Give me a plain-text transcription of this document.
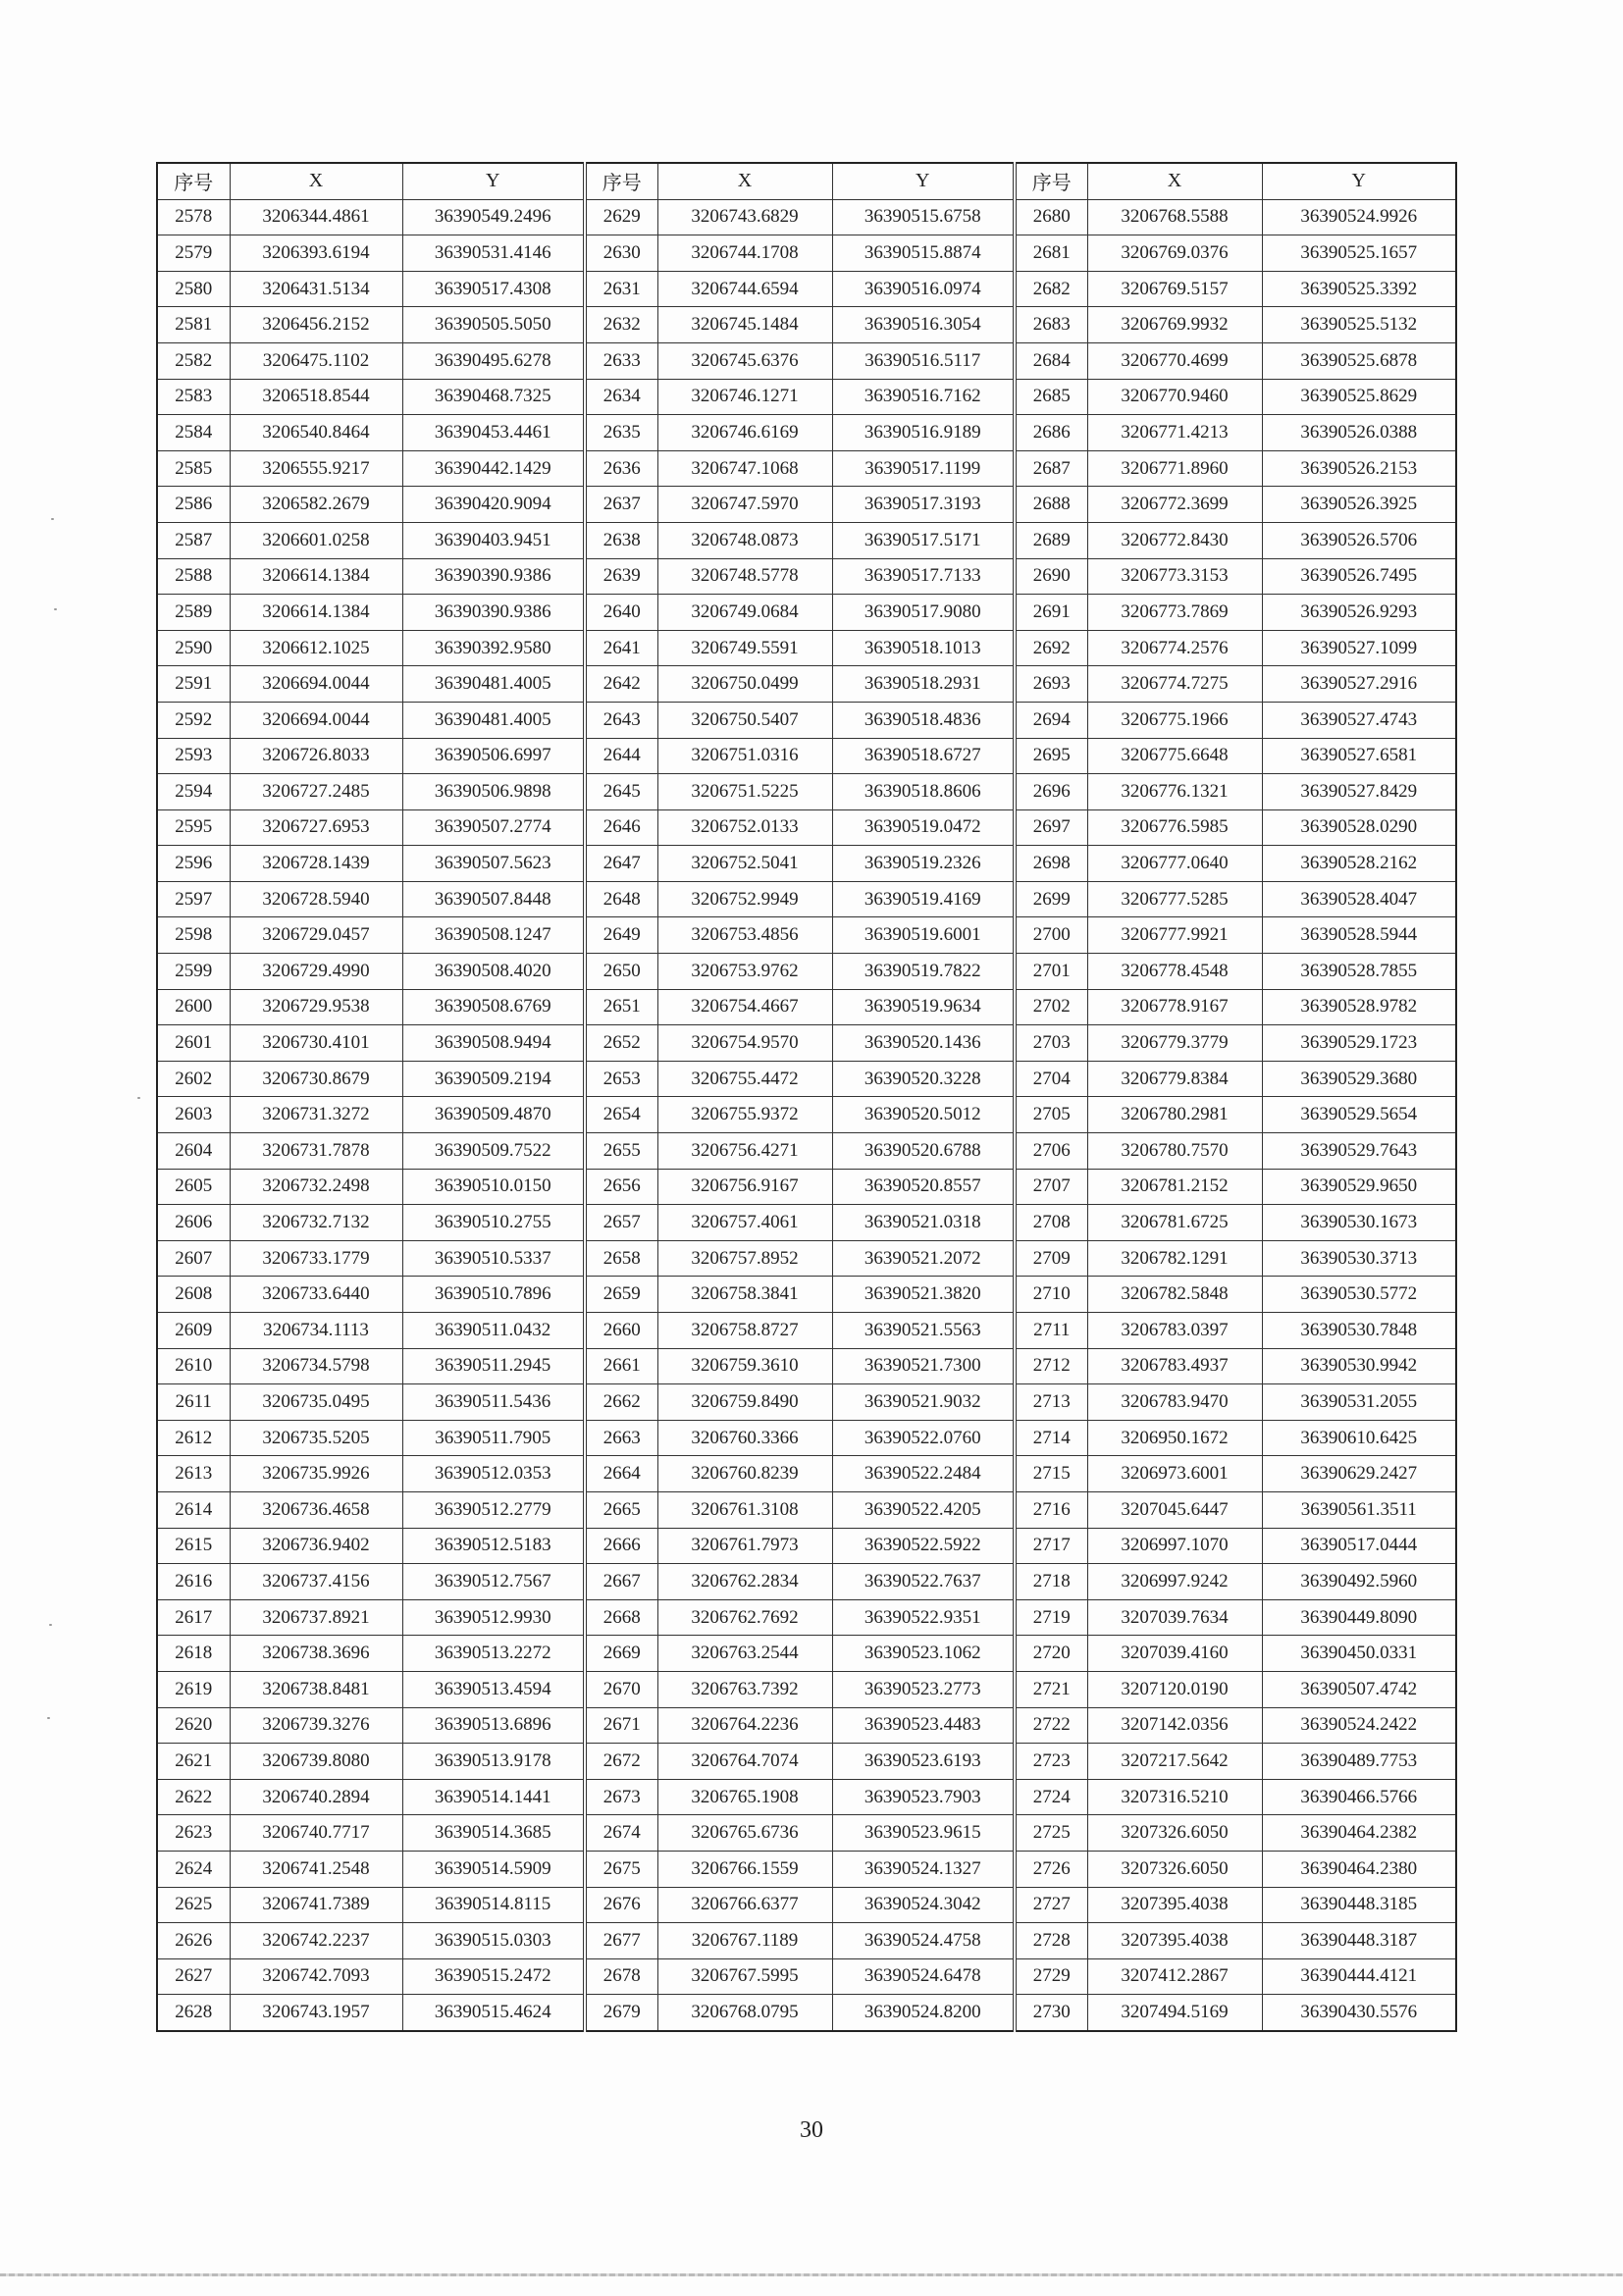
序号	X	Y	序号	X	Y	序号	X	Y
2578	3206344.4861	36390549.2496	2629	3206743.6829	36390515.6758	2680	3206768.5588	36390524.9926
2579	3206393.6194	36390531.4146	2630	3206744.1708	36390515.8874	2681	3206769.0376	36390525.1657
2580	3206431.5134	36390517.4308	2631	3206744.6594	36390516.0974	2682	3206769.5157	36390525.3392
2581	3206456.2152	36390505.5050	2632	3206745.1484	36390516.3054	2683	3206769.9932	36390525.5132
2582	3206475.1102	36390495.6278	2633	3206745.6376	36390516.5117	2684	3206770.4699	36390525.6878
2583	3206518.8544	36390468.7325	2634	3206746.1271	36390516.7162	2685	3206770.9460	36390525.8629
2584	3206540.8464	36390453.4461	2635	3206746.6169	36390516.9189	2686	3206771.4213	36390526.0388
2585	3206555.9217	36390442.1429	2636	3206747.1068	36390517.1199	2687	3206771.8960	36390526.2153
2586	3206582.2679	36390420.9094	2637	3206747.5970	36390517.3193	2688	3206772.3699	36390526.3925
2587	3206601.0258	36390403.9451	2638	3206748.0873	36390517.5171	2689	3206772.8430	36390526.5706
2588	3206614.1384	36390390.9386	2639	3206748.5778	36390517.7133	2690	3206773.3153	36390526.7495
2589	3206614.1384	36390390.9386	2640	3206749.0684	36390517.9080	2691	3206773.7869	36390526.9293
2590	3206612.1025	36390392.9580	2641	3206749.5591	36390518.1013	2692	3206774.2576	36390527.1099
2591	3206694.0044	36390481.4005	2642	3206750.0499	36390518.2931	2693	3206774.7275	36390527.2916
2592	3206694.0044	36390481.4005	2643	3206750.5407	36390518.4836	2694	3206775.1966	36390527.4743
2593	3206726.8033	36390506.6997	2644	3206751.0316	36390518.6727	2695	3206775.6648	36390527.6581
2594	3206727.2485	36390506.9898	2645	3206751.5225	36390518.8606	2696	3206776.1321	36390527.8429
2595	3206727.6953	36390507.2774	2646	3206752.0133	36390519.0472	2697	3206776.5985	36390528.0290
2596	3206728.1439	36390507.5623	2647	3206752.5041	36390519.2326	2698	3206777.0640	36390528.2162
2597	3206728.5940	36390507.8448	2648	3206752.9949	36390519.4169	2699	3206777.5285	36390528.4047
2598	3206729.0457	36390508.1247	2649	3206753.4856	36390519.6001	2700	3206777.9921	36390528.5944
2599	3206729.4990	36390508.4020	2650	3206753.9762	36390519.7822	2701	3206778.4548	36390528.7855
2600	3206729.9538	36390508.6769	2651	3206754.4667	36390519.9634	2702	3206778.9167	36390528.9782
2601	3206730.4101	36390508.9494	2652	3206754.9570	36390520.1436	2703	3206779.3779	36390529.1723
2602	3206730.8679	36390509.2194	2653	3206755.4472	36390520.3228	2704	3206779.8384	36390529.3680
2603	3206731.3272	36390509.4870	2654	3206755.9372	36390520.5012	2705	3206780.2981	36390529.5654
2604	3206731.7878	36390509.7522	2655	3206756.4271	36390520.6788	2706	3206780.7570	36390529.7643
2605	3206732.2498	36390510.0150	2656	3206756.9167	36390520.8557	2707	3206781.2152	36390529.9650
2606	3206732.7132	36390510.2755	2657	3206757.4061	36390521.0318	2708	3206781.6725	36390530.1673
2607	3206733.1779	36390510.5337	2658	3206757.8952	36390521.2072	2709	3206782.1291	36390530.3713
2608	3206733.6440	36390510.7896	2659	3206758.3841	36390521.3820	2710	3206782.5848	36390530.5772
2609	3206734.1113	36390511.0432	2660	3206758.8727	36390521.5563	2711	3206783.0397	36390530.7848
2610	3206734.5798	36390511.2945	2661	3206759.3610	36390521.7300	2712	3206783.4937	36390530.9942
2611	3206735.0495	36390511.5436	2662	3206759.8490	36390521.9032	2713	3206783.9470	36390531.2055
2612	3206735.5205	36390511.7905	2663	3206760.3366	36390522.0760	2714	3206950.1672	36390610.6425
2613	3206735.9926	36390512.0353	2664	3206760.8239	36390522.2484	2715	3206973.6001	36390629.2427
2614	3206736.4658	36390512.2779	2665	3206761.3108	36390522.4205	2716	3207045.6447	36390561.3511
2615	3206736.9402	36390512.5183	2666	3206761.7973	36390522.5922	2717	3206997.1070	36390517.0444
2616	3206737.4156	36390512.7567	2667	3206762.2834	36390522.7637	2718	3206997.9242	36390492.5960
2617	3206737.8921	36390512.9930	2668	3206762.7692	36390522.9351	2719	3207039.7634	36390449.8090
2618	3206738.3696	36390513.2272	2669	3206763.2544	36390523.1062	2720	3207039.4160	36390450.0331
2619	3206738.8481	36390513.4594	2670	3206763.7392	36390523.2773	2721	3207120.0190	36390507.4742
2620	3206739.3276	36390513.6896	2671	3206764.2236	36390523.4483	2722	3207142.0356	36390524.2422
2621	3206739.8080	36390513.9178	2672	3206764.7074	36390523.6193	2723	3207217.5642	36390489.7753
2622	3206740.2894	36390514.1441	2673	3206765.1908	36390523.7903	2724	3207316.5210	36390466.5766
2623	3206740.7717	36390514.3685	2674	3206765.6736	36390523.9615	2725	3207326.6050	36390464.2382
2624	3206741.2548	36390514.5909	2675	3206766.1559	36390524.1327	2726	3207326.6050	36390464.2380
2625	3206741.7389	36390514.8115	2676	3206766.6377	36390524.3042	2727	3207395.4038	36390448.3185
2626	3206742.2237	36390515.0303	2677	3206767.1189	36390524.4758	2728	3207395.4038	36390448.3187
2627	3206742.7093	36390515.2472	2678	3206767.5995	36390524.6478	2729	3207412.2867	36390444.4121
2628	3206743.1957	36390515.4624	2679	3206768.0795	36390524.8200	2730	3207494.5169	36390430.5576
30
